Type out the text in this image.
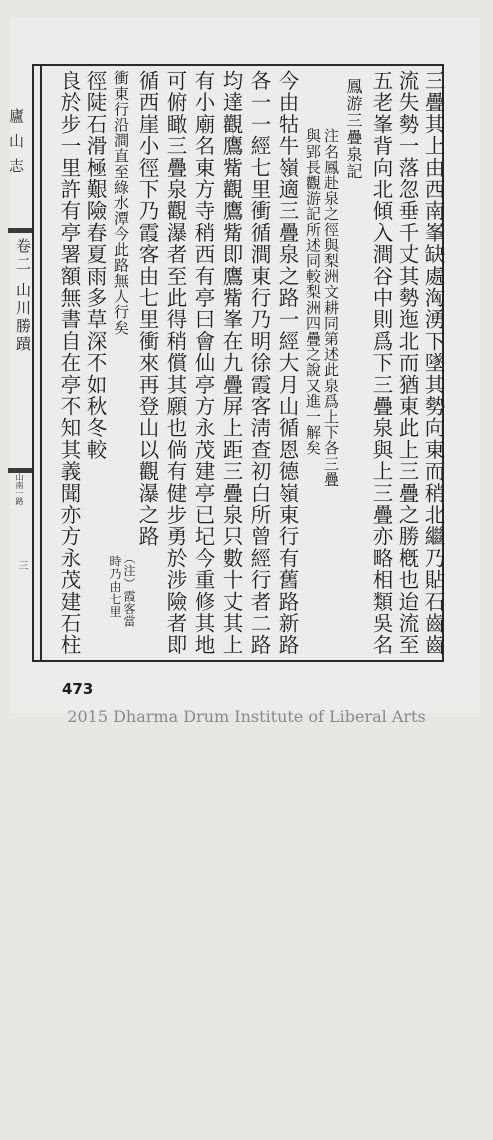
廬山志
卷二 山川勝蹟
山南一路
三	三疊其上由西南峯缺處洶湧下墜其勢向東而稍北繼乃貼石齒齒
流失勢一落忽垂千丈其勢迤北而猶東此上三疊之勝槪也迨流至
五老峯背向北傾入澗谷中則爲下三疊泉與上三疊亦略相類吳名
鳳游三疊泉記
注名鳳赴泉之徑與梨洲文耕同第述此泉爲上下各三疊
與郢長觀游記所述同較梨洲四疊之說又進一解矣
今由牯牛嶺適三疊泉之路一經大月山循恩德嶺東行有舊路新路
各一一經七里衝循澗東行乃明徐霞客淸查初白所曾經行者二路
均達觀鷹觜觀鷹觜即鷹觜峯在九疊屏上距三疊泉只數十丈其上
有小廟名東方寺稍西有亭曰會仙亭方永茂建亭已圮今重修其地
可俯瞰三疊泉觀瀑者至此得稍償其願也倘有健步勇於涉險者即
循西崖小徑下乃霞客由七里衝來再登山以觀瀑之路
（注）霞客當
時乃由七里
衝東行沿澗直至綠水潭今此路無人行矣
徑陡石滑極艱險春夏雨多草深不如秋冬較
良於步一里許有亭署額無書自在亭不知其義聞亦方永茂建石柱
473
2015 Dharma Drum Institute of Liberal Arts
